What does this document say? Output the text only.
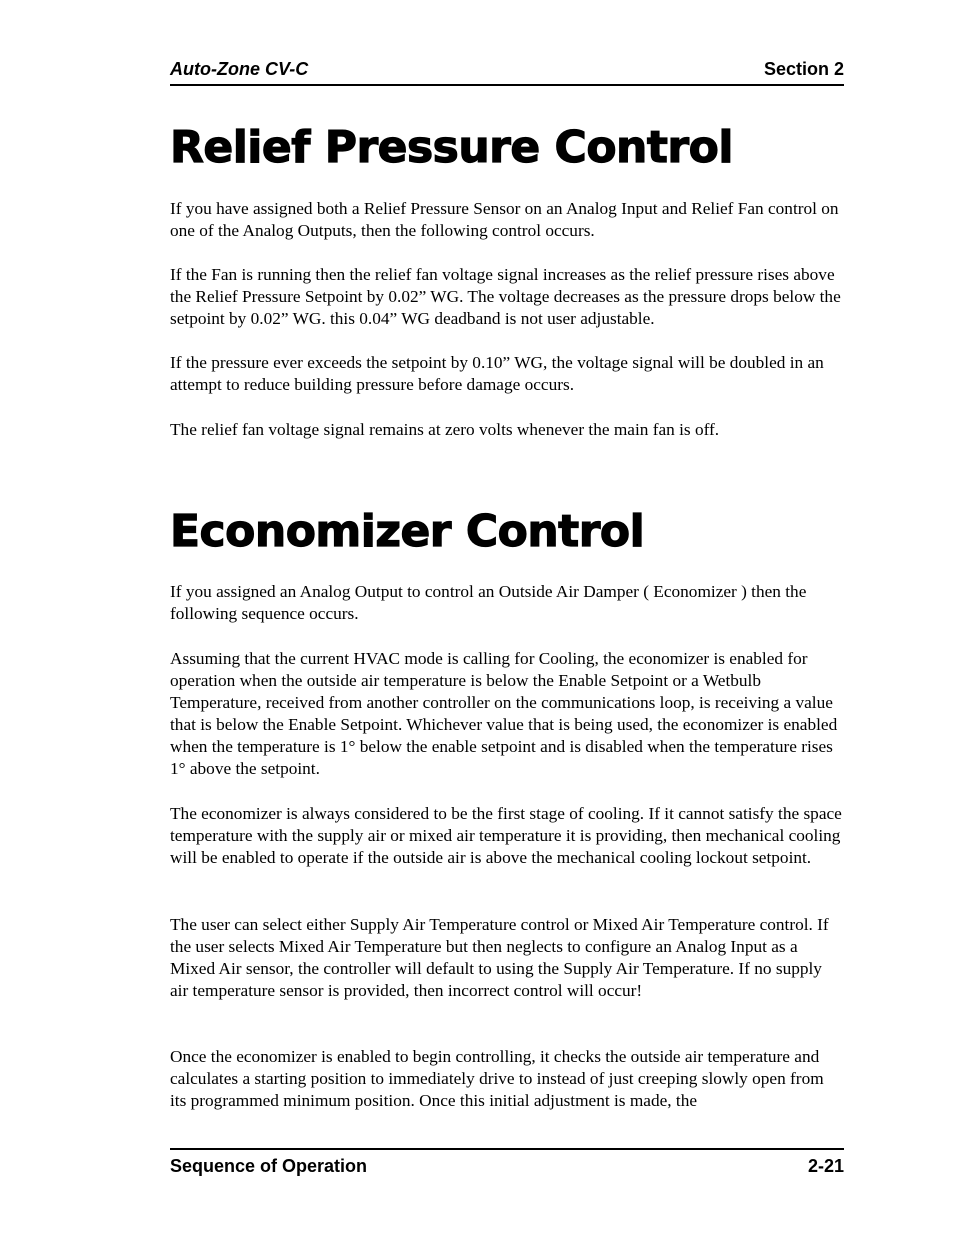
Auto-Zone CV-C	Section 2
Relief Pressure Control

If you have assigned both a Relief Pressure Sensor on an Analog Input and Relief Fan control on one of the Analog Outputs, then the following control occurs.

If the Fan is running then the relief fan voltage signal increases as the relief pressure rises above the Relief Pressure Setpoint by 0.02” WG. The voltage decreases as the pressure drops below the setpoint by 0.02” WG. this 0.04” WG deadband is not user adjustable.

If the pressure ever exceeds the setpoint by 0.10” WG, the voltage signal will be doubled in an attempt to reduce building pressure before damage occurs.

The relief fan voltage signal remains at zero volts whenever the main fan is off.

Economizer Control

If you assigned an Analog Output to control an Outside Air Damper ( Economizer ) then the following sequence occurs.

Assuming that the current HVAC mode is calling for Cooling, the economizer is enabled for operation when the outside air temperature is below the Enable Setpoint or a Wetbulb Temperature, received from another controller on the communications loop, is receiving a value that is below the Enable Setpoint. Whichever value that is being used, the economizer is enabled when the temperature is 1° below the enable setpoint and is disabled when the temperature rises 1° above the setpoint.

The economizer is always considered to be the first stage of cooling. If it cannot satisfy the space temperature with the supply air or mixed air temperature it is providing, then mechanical cooling will be enabled to operate if the outside air is above the mechanical cooling lockout setpoint.

The user can select either Supply Air Temperature control or Mixed Air Temperature control. If the user selects Mixed Air Temperature but then neglects to configure an Analog Input as a Mixed Air sensor, the controller will default to using the Supply Air Temperature. If no supply air temperature sensor is provided, then incorrect control will occur!

Once the economizer is enabled to begin controlling, it checks the outside air temperature and calculates a starting position to immediately drive to instead of just creeping slowly open from its programmed minimum position. Once this initial adjustment is made, the

Sequence of Operation	2-21
